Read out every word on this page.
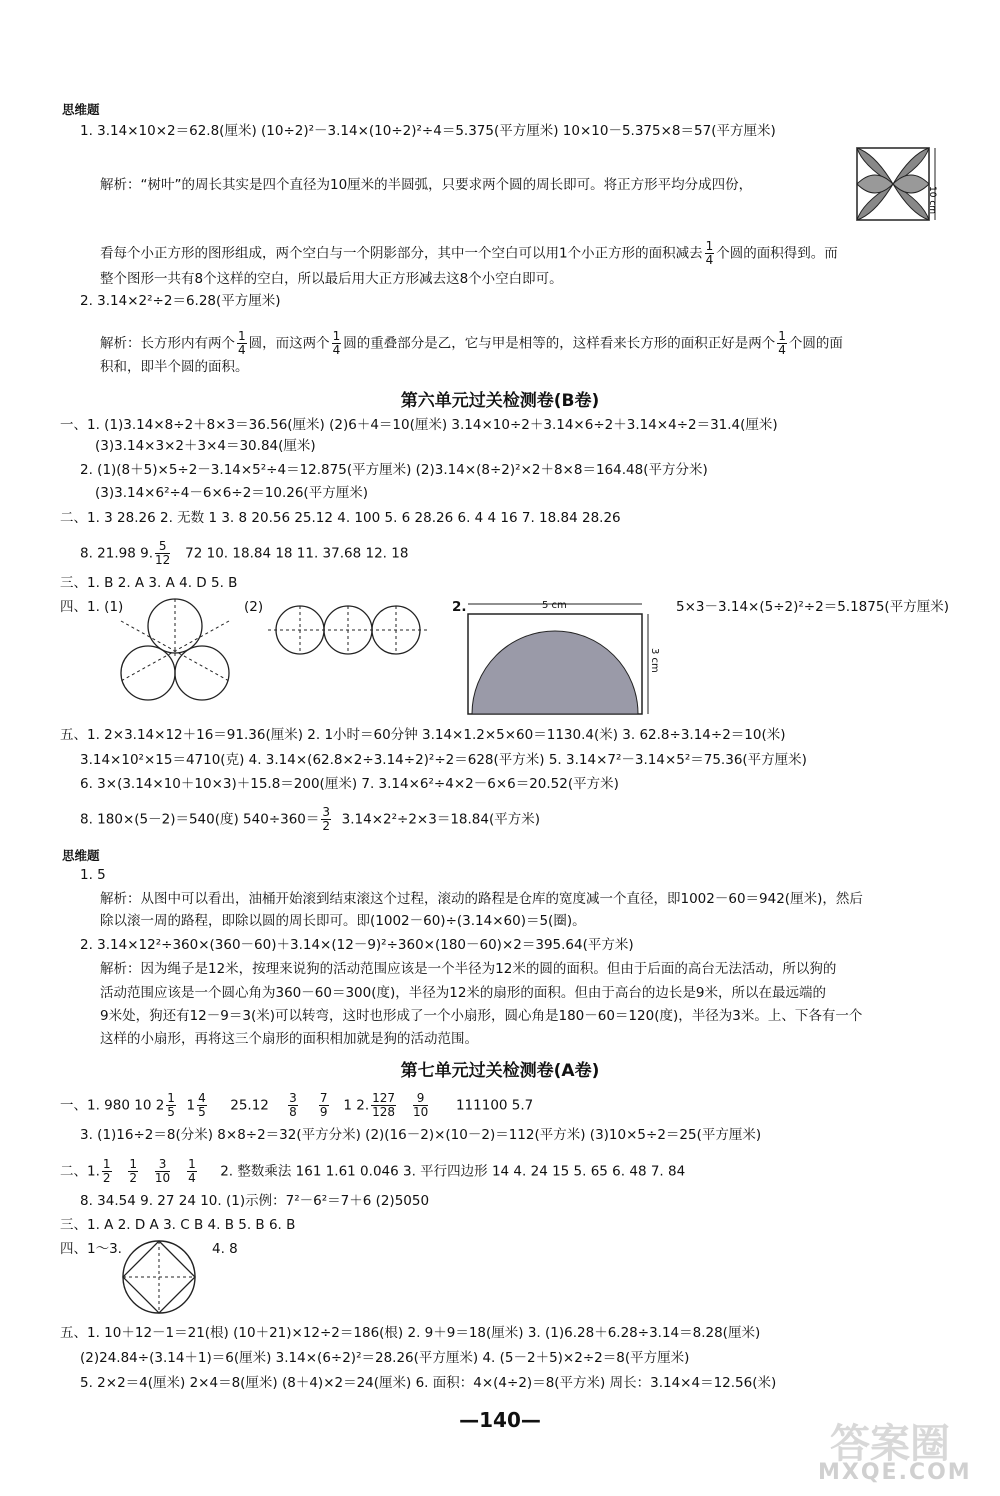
思维题
1. 3.14×10×2＝62.8(厘米) (10÷2)²－3.14×(10÷2)²÷4＝5.375(平方厘米) 10×10－5.375×8＝57(平方厘米)
解析：“树叶”的周长其实是四个直径为10厘米的半圆弧，只要求两个圆的周长即可。将正方形平均分成四份，
10 cm
看每个小正方形的图形组成，两个空白与一个阴影部分，其中一个空白可以用1个小正方形的面积减去 $\frac{1}{4}$ 个圆的面积得到。而
整个图形一共有8个这样的空白，所以最后用大正方形减去这8个小空白即可。
2. 3.14×2²÷2＝6.28(平方厘米)
解析：长方形内有两个 $\frac{1}{4}$ 圆，而这两个 $\frac{1}{4}$ 圆的重叠部分是乙，它与甲是相等的，这样看来长方形的面积正好是两个 $\frac{1}{4}$ 个圆的面
积和，即半个圆的面积。
第六单元过关检测卷(B卷)
一、1. (1)3.14×8÷2＋8×3＝36.56(厘米) (2)6＋4＝10(厘米) 3.14×10÷2＋3.14×6÷2＋3.14×4÷2＝31.4(厘米)
(3)3.14×3×2＋3×4＝30.84(厘米)
2. (1)(8＋5)×5÷2－3.14×5²÷4＝12.875(平方厘米) (2)3.14×(8÷2)²×2＋8×8＝164.48(平方分米)
(3)3.14×6²÷4－6×6÷2＝10.26(平方厘米)
二、1. 3 28.26 2. 无数 1 3. 8 20.56 25.12 4. 100 5. 6 28.26 6. 4 4 16 7. 18.84 28.26
8. 21.98 9. $\frac{5}{12} 72$ 10. 18.84 18 11. 37.68 12. 18
三、1. B 2. A 3. A 4. D 5. B
四、1. (1)	(2)	2.	5 cm
3 cm
5×3－3.14×(5÷2)²÷2＝5.1875(平方厘米)
五、1. 2×3.14×12＋16＝91.36(厘米) 2. 1小时＝60分钟 3.14×1.2×5×60＝1130.4(米) 3. 62.8÷3.14÷2＝10(米)
3.14×10²×15＝4710(克) 4. 3.14×(62.8×2÷3.14÷2)²÷2＝628(平方米) 5. 3.14×7²－3.14×5²＝75.36(平方厘米)
6. 3×(3.14×10＋10×3)＋15.8＝200(厘米) 7. 3.14×6²÷4×2－6×6＝20.52(平方米)
8. 180×(5－2)＝540(度) $540\div 360= \frac{3}{2} 3.14\times 2^2\div 2\times 3=18.84$(平方米)
思维题
1. 5
解析：从图中可以看出，油桶开始滚到结束滚这个过程，滚动的路程是仓库的宽度减一个直径，即1002－60＝942(厘米)，然后
除以滚一周的路程，即除以圆的周长即可。即(1002－60)÷(3.14×60)＝5(圈)。
2. 3.14×12²÷360×(360－60)＋3.14×(12－9)²÷360×(180－60)×2＝395.64(平方米)
解析：因为绳子是12米，按理来说狗的活动范围应该是一个半径为12米的圆的面积。但由于后面的高台无法活动，所以狗的
活动范围应该是一个圆心角为360－60＝300(度)，半径为12米的扇形的面积。但由于高台的边长是9米，所以在最远端的
9米处，狗还有12－9＝3(米)可以转弯，这时也形成了一个小扇形，圆心角是180－60＝120(度)，半径为3米。上、下各有一个
这样的小扇形，再将这三个扇形的面积相加就是狗的活动范围。
第七单元过关检测卷(A卷)
一、1. 980 10 $2 \frac{1}{5} 1 \frac{4}{5} 25.12 \frac{3}{8}$
$\frac{7}{9} 1$ 2. $\frac{127}{128}$
$\frac{9}{10} 111100$ 5.7
3. (1)16÷2＝8(分米) 8×8÷2＝32(平方分米) (2)(16－2)×(10－2)＝112(平方米) (3)10×5÷2＝25(平方厘米)
二、1. $\frac{1}{2}$
$\frac{1}{2}$
$\frac{3}{10}$
$\frac{1}{4} 2$. 整数乘法 161 1.61 0.046 3. 平行四边形 14 4. 24 15 5. 65 6. 48 7. 84
8. 34.54 9. 27 24 10. (1)示例：7²－6²＝7＋6 (2)5050
三、1. A 2. D A 3. C B 4. B 5. B 6. B
四、1～3.	4. 8
五、1. 10＋12－1＝21(根) (10＋21)×12÷2＝186(根) 2. 9＋9＝18(厘米) 3. (1)6.28＋6.28÷3.14＝8.28(厘米)
(2)24.84÷(3.14＋1)＝6(厘米) 3.14×(6÷2)²＝28.26(平方厘米) 4. (5－2＋5)×2÷2＝8(平方厘米)
5. 2×2＝4(厘米) 2×4＝8(厘米) (8＋4)×2＝24(厘米) 6. 面积：4×(4÷2)＝8(平方米) 周长：3.14×4＝12.56(米)
—140—
答案圈
MXQE.COM
